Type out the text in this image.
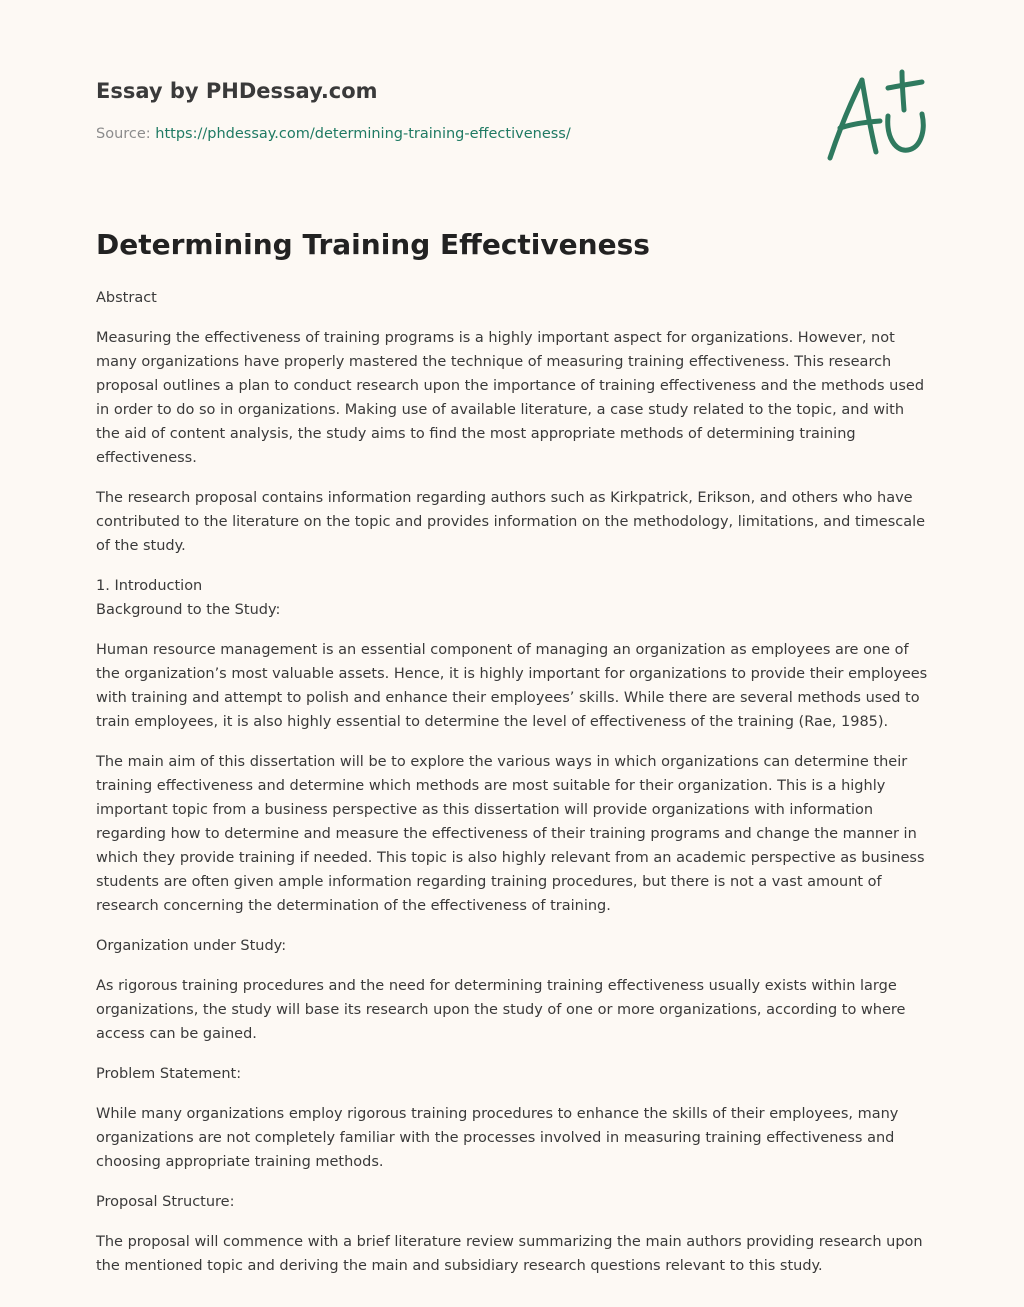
Essay by PHDessay.com
Source: https://phdessay.com/determining-training-effectiveness/
Determining Training Effectiveness

Abstract

Measuring the effectiveness of training programs is a highly important aspect for organizations. However, not many organizations have properly mastered the technique of measuring training effectiveness. This research proposal outlines a plan to conduct research upon the importance of training effectiveness and the methods used in order to do so in organizations. Making use of available literature, a case study related to the topic, and with the aid of content analysis, the study aims to find the most appropriate methods of determining training effectiveness.

The research proposal contains information regarding authors such as Kirkpatrick, Erikson, and others who have contributed to the literature on the topic and provides information on the methodology, limitations, and timescale of the study.

1. Introduction
Background to the Study:

Human resource management is an essential component of managing an organization as employees are one of the organization’s most valuable assets. Hence, it is highly important for organizations to provide their employees with training and attempt to polish and enhance their employees’ skills. While there are several methods used to train employees, it is also highly essential to determine the level of effectiveness of the training (Rae, 1985).

The main aim of this dissertation will be to explore the various ways in which organizations can determine their training effectiveness and determine which methods are most suitable for their organization. This is a highly important topic from a business perspective as this dissertation will provide organizations with information regarding how to determine and measure the effectiveness of their training programs and change the manner in which they provide training if needed. This topic is also highly relevant from an academic perspective as business students are often given ample information regarding training procedures, but there is not a vast amount of research concerning the determination of the effectiveness of training.

Organization under Study:

As rigorous training procedures and the need for determining training effectiveness usually exists within large organizations, the study will base its research upon the study of one or more organizations, according to where access can be gained.

Problem Statement:

While many organizations employ rigorous training procedures to enhance the skills of their employees, many organizations are not completely familiar with the processes involved in measuring training effectiveness and choosing appropriate training methods.

Proposal Structure:

The proposal will commence with a brief literature review summarizing the main authors providing research upon the mentioned topic and deriving the main and subsidiary research questions relevant to this study.
